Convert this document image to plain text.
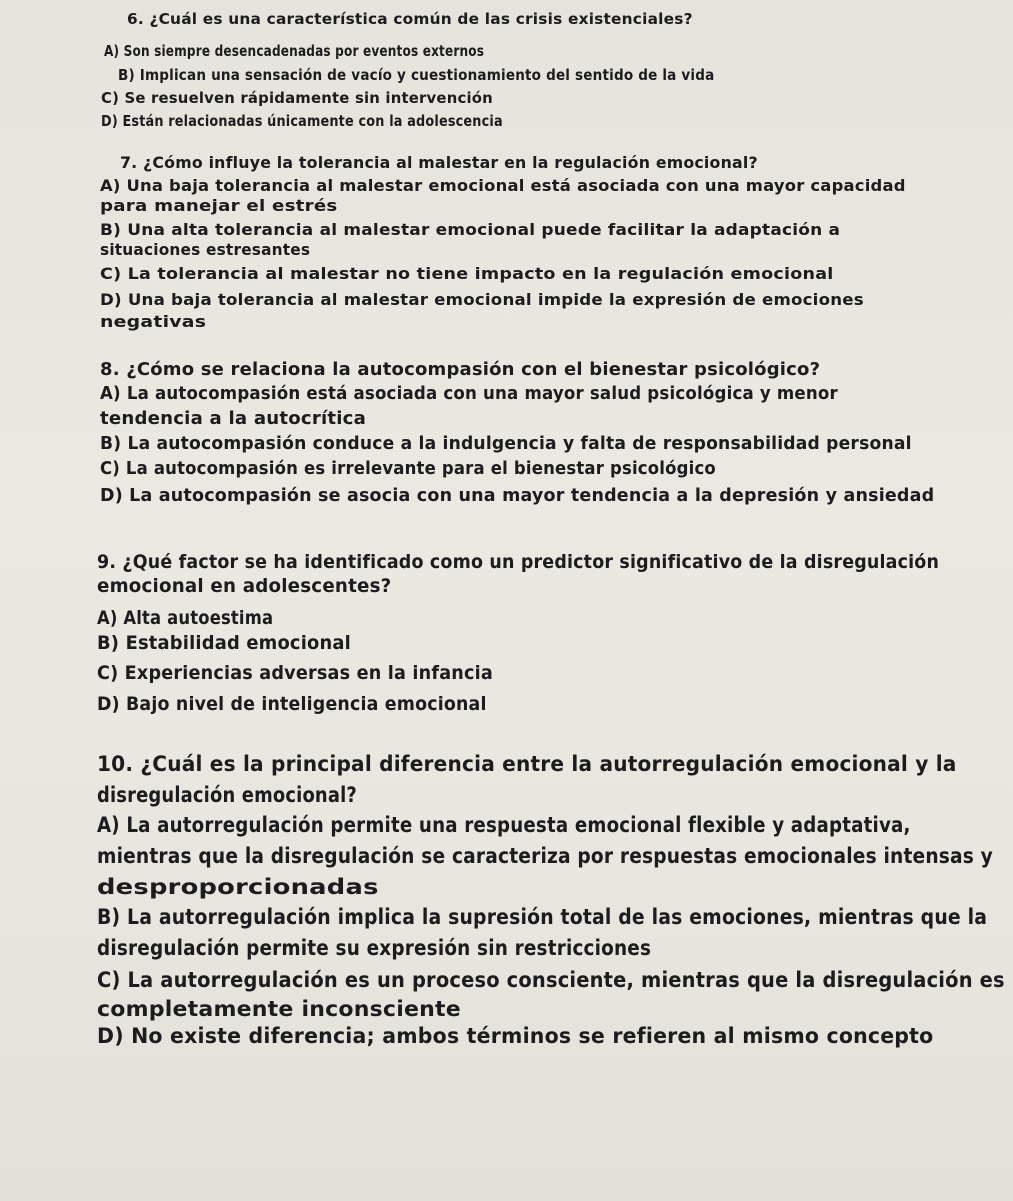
6. ¿Cuál es una característica común de las crisis existenciales?
A) Son siempre desencadenadas por eventos externos
B) Implican una sensación de vacío y cuestionamiento del sentido de la vida
C) Se resuelven rápidamente sin intervención
D) Están relacionadas únicamente con la adolescencia
7. ¿Cómo influye la tolerancia al malestar en la regulación emocional?
A) Una baja tolerancia al malestar emocional está asociada con una mayor capacidad
para manejar el estrés
B) Una alta tolerancia al malestar emocional puede facilitar la adaptación a
situaciones estresantes
C) La tolerancia al malestar no tiene impacto en la regulación emocional
D) Una baja tolerancia al malestar emocional impide la expresión de emociones
negativas
8. ¿Cómo se relaciona la autocompasión con el bienestar psicológico?
A) La autocompasión está asociada con una mayor salud psicológica y menor
tendencia a la autocrítica
B) La autocompasión conduce a la indulgencia y falta de responsabilidad personal
C) La autocompasión es irrelevante para el bienestar psicológico
D) La autocompasión se asocia con una mayor tendencia a la depresión y ansiedad
9. ¿Qué factor se ha identificado como un predictor significativo de la disregulación
emocional en adolescentes?
A) Alta autoestima
B) Estabilidad emocional
C) Experiencias adversas en la infancia
D) Bajo nivel de inteligencia emocional
10. ¿Cuál es la principal diferencia entre la autorregulación emocional y la
disregulación emocional?
A) La autorregulación permite una respuesta emocional flexible y adaptativa,
mientras que la disregulación se caracteriza por respuestas emocionales intensas y
desproporcionadas
B) La autorregulación implica la supresión total de las emociones, mientras que la
disregulación permite su expresión sin restricciones
C) La autorregulación es un proceso consciente, mientras que la disregulación es
completamente inconsciente
D) No existe diferencia; ambos términos se refieren al mismo concepto
